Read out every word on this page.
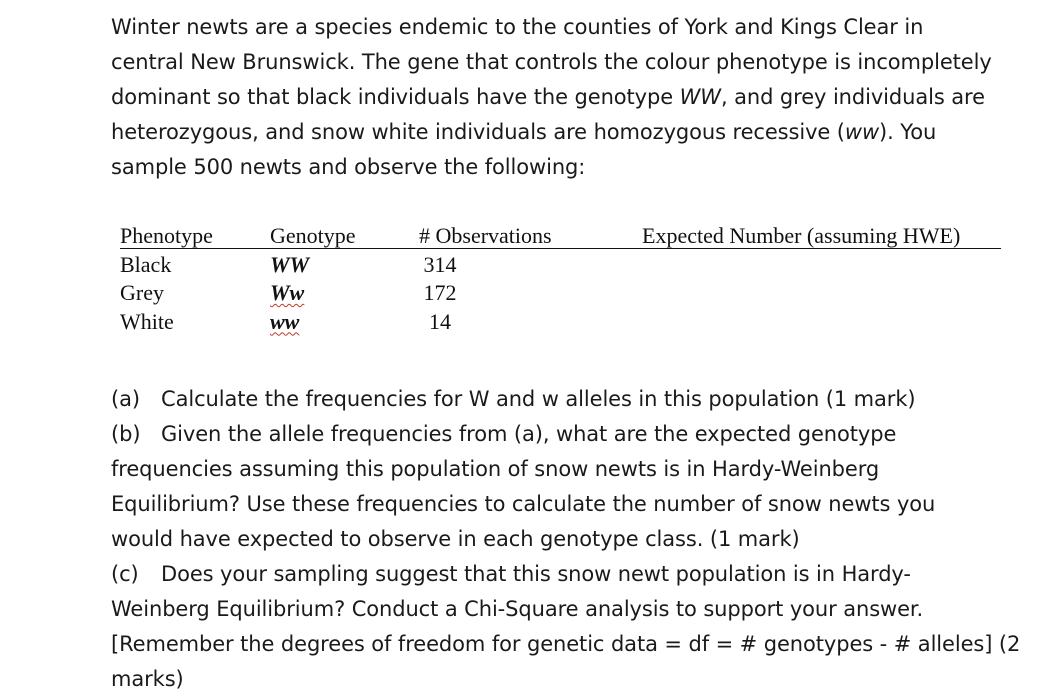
Winter newts are a species endemic to the counties of York and Kings Clear in

central New Brunswick. The gene that controls the colour phenotype is incompletely

dominant so that black individuals have the genotype WW, and grey individuals are

heterozygous, and snow white individuals are homozygous recessive (ww). You

sample 500 newts and observe the following:

Phenotype	Genotype	# Observations	Expected Number (assuming HWE)
Black	WW	314
Grey	Ww	172
White	ww	14

(a) Calculate the frequencies for W and w alleles in this population (1 mark)

(b) Given the allele frequencies from (a), what are the expected genotype

frequencies assuming this population of snow newts is in Hardy-Weinberg

Equilibrium? Use these frequencies to calculate the number of snow newts you

would have expected to observe in each genotype class. (1 mark)

(c) Does your sampling suggest that this snow newt population is in Hardy-

Weinberg Equilibrium? Conduct a Chi-Square analysis to support your answer.

[Remember the degrees of freedom for genetic data = df = # genotypes - # alleles] (2

marks)
